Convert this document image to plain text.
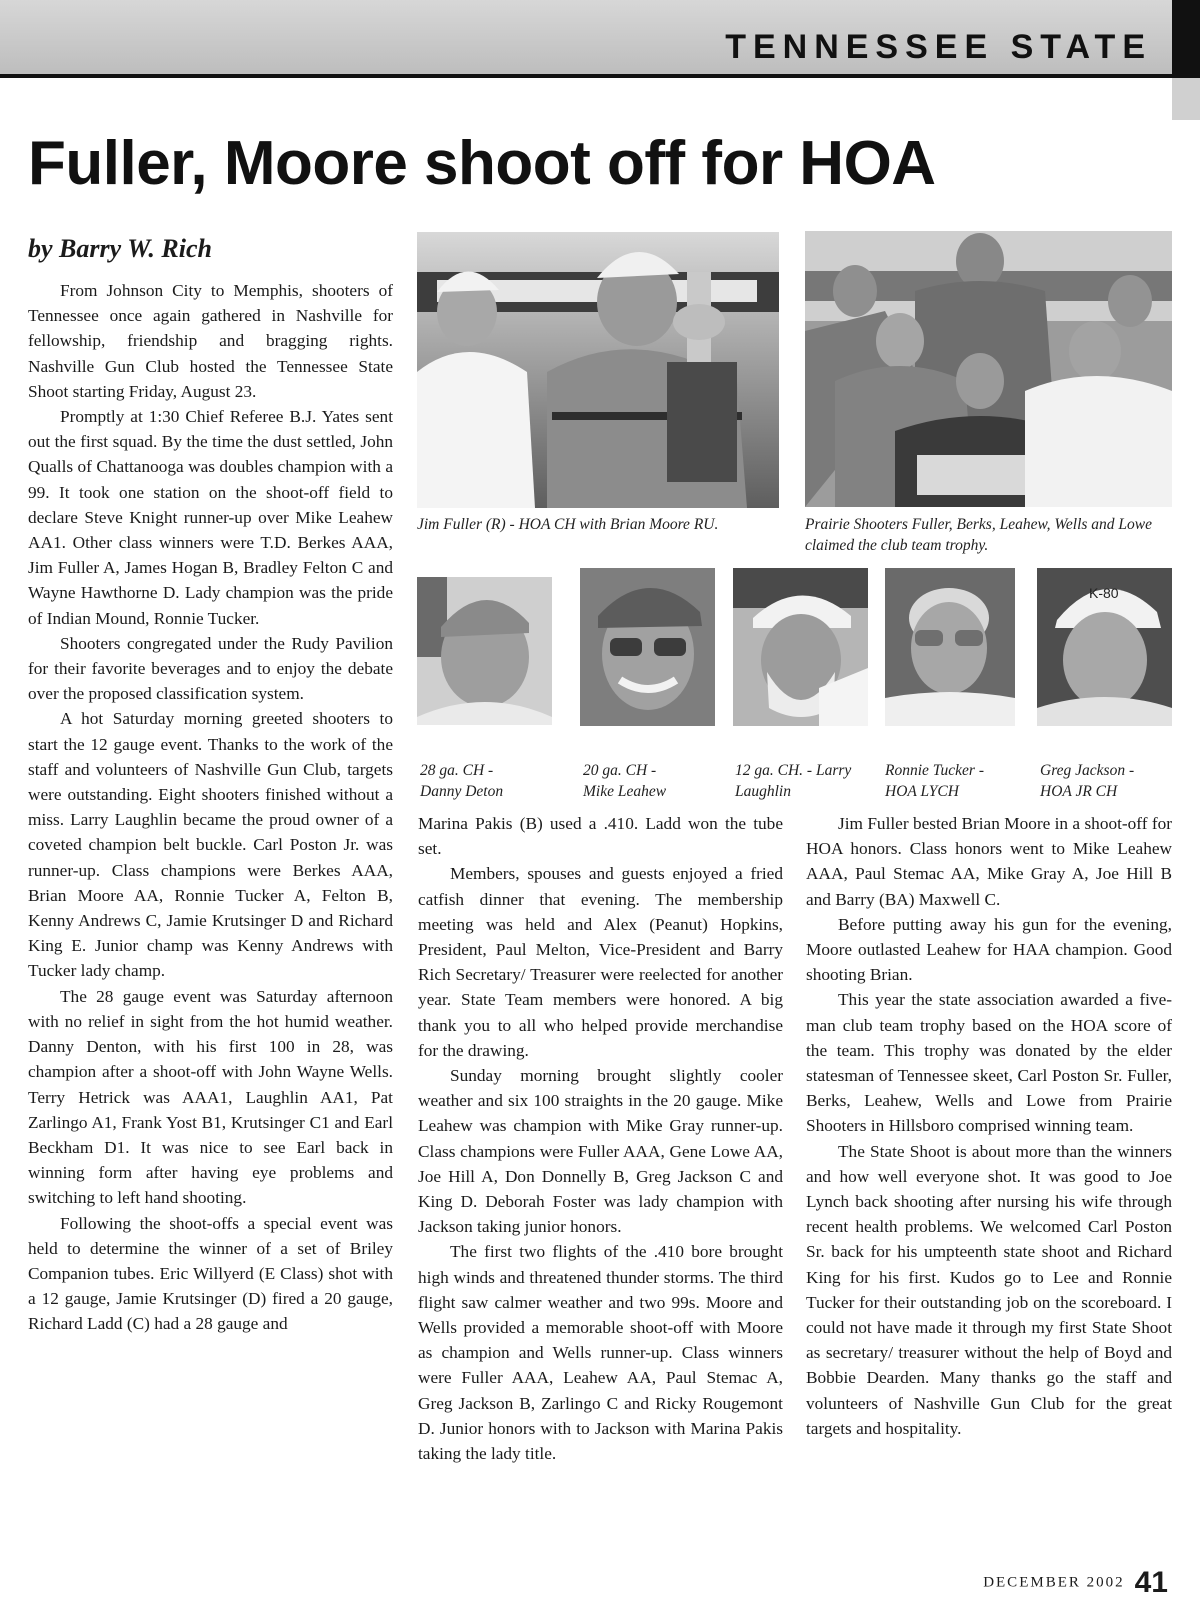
TENNESSEE STATE
Fuller, Moore shoot off for HOA
by Barry W. Rich

From Johnson City to Memphis, shooters of Tennessee once again gathered in Nashville for fellowship, friendship and bragging rights. Nashville Gun Club hosted the Tennessee State Shoot starting Friday, August 23.

Promptly at 1:30 Chief Referee B.J. Yates sent out the first squad. By the time the dust settled, John Qualls of Chattanooga was doubles champion with a 99. It took one station on the shoot-off field to declare Steve Knight runner-up over Mike Leahew AA1. Other class winners were T.D. Berkes AAA, Jim Fuller A, James Hogan B, Bradley Felton C and Wayne Hawthorne D. Lady champion was the pride of Indian Mound, Ronnie Tucker.

Shooters congregated under the Rudy Pavilion for their favorite beverages and to enjoy the debate over the proposed classification system.

A hot Saturday morning greeted shooters to start the 12 gauge event. Thanks to the work of the staff and volunteers of Nashville Gun Club, targets were outstanding. Eight shooters finished without a miss. Larry Laughlin became the proud owner of a coveted champion belt buckle. Carl Poston Jr. was runner-up. Class champions were Berkes AAA, Brian Moore AA, Ronnie Tucker A, Felton B, Kenny Andrews C, Jamie Krutsinger D and Richard King E. Junior champ was Kenny Andrews with Tucker lady champ.

The 28 gauge event was Saturday afternoon with no relief in sight from the hot humid weather. Danny Denton, with his first 100 in 28, was champion after a shoot-off with John Wayne Wells. Terry Hetrick was AAA1, Laughlin AA1, Pat Zarlingo A1, Frank Yost B1, Krutsinger C1 and Earl Beckham D1. It was nice to see Earl back in winning form after having eye problems and switching to left hand shooting.

Following the shoot-offs a special event was held to determine the winner of a set of Briley Companion tubes. Eric Willyerd (E Class) shot with a 12 gauge, Jamie Krutsinger (D) fired a 20 gauge, Richard Ladd (C) had a 28 gauge and

Jim Fuller (R) - HOA CH with Brian Moore RU.	Prairie Shooters Fuller, Berks, Leahew, Wells and Lowe claimed the club team trophy.
K-80
28 ga. CH -
Danny Deton
20 ga. CH -
Mike Leahew
12 ga. CH. - Larry
Laughlin
Ronnie Tucker -
HOA LYCH
Greg Jackson -
HOA JR CH

Marina Pakis (B) used a .410. Ladd won the tube set.

Members, spouses and guests enjoyed a fried catfish dinner that evening. The membership meeting was held and Alex (Peanut) Hopkins, President, Paul Melton, Vice-President and Barry Rich Secretary/ Treasurer were reelected for another year. State Team members were honored. A big thank you to all who helped provide merchandise for the drawing.

Sunday morning brought slightly cooler weather and six 100 straights in the 20 gauge. Mike Leahew was champion with Mike Gray runner-up. Class champions were Fuller AAA, Gene Lowe AA, Joe Hill A, Don Donnelly B, Greg Jackson C and King D. Deborah Foster was lady champion with Jackson taking junior honors.

The first two flights of the .410 bore brought high winds and threatened thunder storms. The third flight saw calmer weather and two 99s. Moore and Wells provided a memorable shoot-off with Moore as champion and Wells runner-up. Class winners were Fuller AAA, Leahew AA, Paul Stemac A, Greg Jackson B, Zarlingo C and Ricky Rougemont D. Junior honors with to Jackson with Marina Pakis taking the lady title.

Jim Fuller bested Brian Moore in a shoot-off for HOA honors. Class honors went to Mike Leahew AAA, Paul Stemac AA, Mike Gray A, Joe Hill B and Barry (BA) Maxwell C.

Before putting away his gun for the evening, Moore outlasted Leahew for HAA champion. Good shooting Brian.

This year the state association awarded a five-man club team trophy based on the HOA score of the team. This trophy was donated by the elder statesman of Tennessee skeet, Carl Poston Sr. Fuller, Berks, Leahew, Wells and Lowe from Prairie Shooters in Hillsboro comprised winning team.

The State Shoot is about more than the winners and how well everyone shot. It was good to Joe Lynch back shooting after nursing his wife through recent health problems. We welcomed Carl Poston Sr. back for his umpteenth state shoot and Richard King for his first. Kudos go to Lee and Ronnie Tucker for their outstanding job on the scoreboard. I could not have made it through my first State Shoot as secretary/ treasurer without the help of Boyd and Bobbie Dearden. Many thanks go the staff and volunteers of Nashville Gun Club for the great targets and hospitality.

DECEMBER 2002 41
